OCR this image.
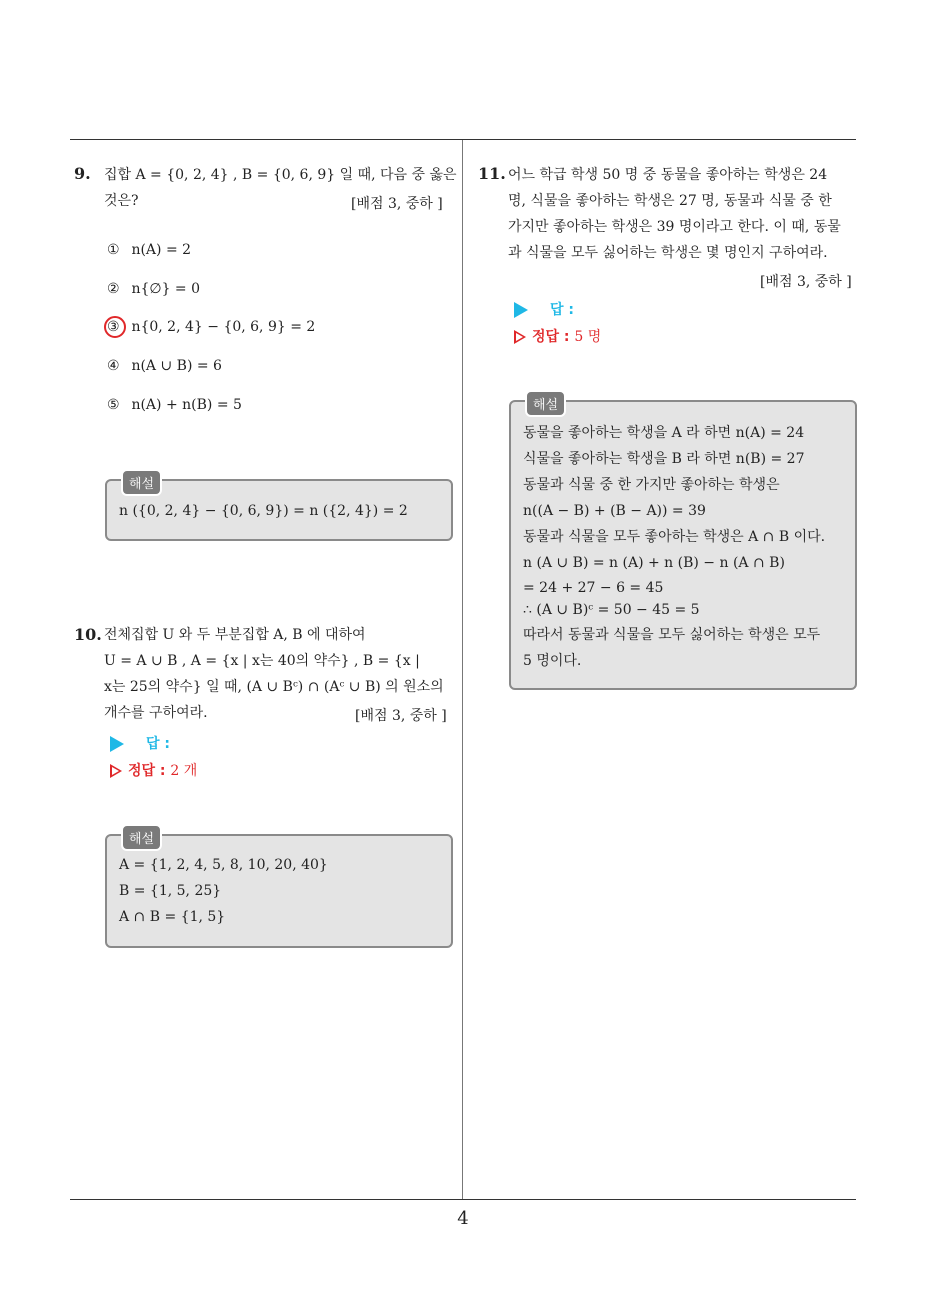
4
9. 집합 A = {0, 2, 4} , B = {0, 6, 9} 일 때, 다음 중 옳은
것은?	[배점 3, 중하 ]
① n(A) = 2
② n{∅} = 0
③ n{0, 2, 4} − {0, 6, 9} = 2
④ n(A ∪ B) = 6
⑤ n(A) + n(B) = 5
해설
n ({0, 2, 4} − {0, 6, 9}) = n ({2, 4}) = 2
10. 전체집합 U 와 두 부분집합 A, B 에 대하여
U = A ∪ B , A = {x | x는 40의 약수} , B = {x |
x는 25의 약수} 일 때, (A ∪ Bᶜ) ∩ (Aᶜ ∪ B) 의 원소의
개수를 구하여라.	[배점 3, 중하 ]
답 :
정답 : 2 개
해설
A = {1, 2, 4, 5, 8, 10, 20, 40}
B = {1, 5, 25}
A ∩ B = {1, 5}
11. 어느 학급 학생 50 명 중 동물을 좋아하는 학생은 24
명, 식물을 좋아하는 학생은 27 명, 동물과 식물 중 한
가지만 좋아하는 학생은 39 명이라고 한다. 이 때, 동물
과 식물을 모두 싫어하는 학생은 몇 명인지 구하여라.
[배점 3, 중하 ]
답 :
정답 : 5 명
해설
동물을 좋아하는 학생을 A 라 하면 n(A) = 24
식물을 좋아하는 학생을 B 라 하면 n(B) = 27
동물과 식물 중 한 가지만 좋아하는 학생은
n((A − B) + (B − A)) = 39
동물과 식물을 모두 좋아하는 학생은 A ∩ B 이다.
n (A ∪ B) = n (A) + n (B) − n (A ∩ B)
= 24 + 27 − 6 = 45
∴ (A ∪ B)ᶜ = 50 − 45 = 5
따라서 동물과 식물을 모두 싫어하는 학생은 모두
5 명이다.
